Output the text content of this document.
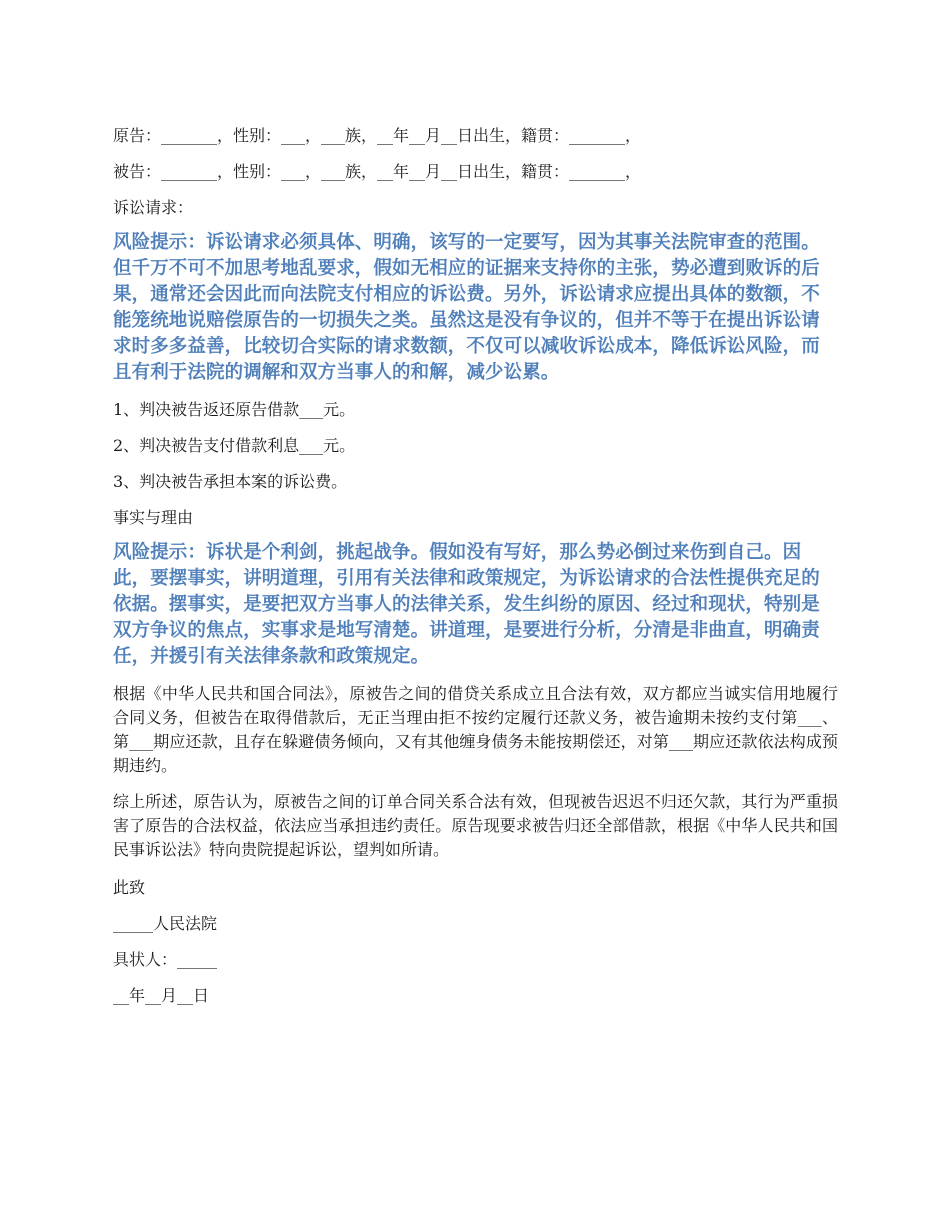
原告：_______，性别：___，___族，__年__月__日出生，籍贯：_______，

被告：_______，性别：___，___族，__年__月__日出生，籍贯：_______，

诉讼请求：

风险提示：诉讼请求必须具体、明确，该写的一定要写，因为其事关法院审查的范围。但千万不可不加思考地乱要求，假如无相应的证据来支持你的主张，势必遭到败诉的后果，通常还会因此而向法院支付相应的诉讼费。另外，诉讼请求应提出具体的数额，不能笼统地说赔偿原告的一切损失之类。虽然这是没有争议的，但并不等于在提出诉讼请求时多多益善，比较切合实际的请求数额，不仅可以减收诉讼成本，降低诉讼风险，而且有利于法院的调解和双方当事人的和解，减少讼累。

1、判决被告返还原告借款___元。

2、判决被告支付借款利息___元。

3、判决被告承担本案的诉讼费。

事实与理由

风险提示：诉状是个利剑，挑起战争。假如没有写好，那么势必倒过来伤到自己。因此，要摆事实，讲明道理，引用有关法律和政策规定，为诉讼请求的合法性提供充足的依据。摆事实，是要把双方当事人的法律关系，发生纠纷的原因、经过和现状，特别是双方争议的焦点，实事求是地写清楚。讲道理，是要进行分析，分清是非曲直，明确责任，并援引有关法律条款和政策规定。

根据《中华人民共和国合同法》，原被告之间的借贷关系成立且合法有效，双方都应当诚实信用地履行合同义务，但被告在取得借款后，无正当理由拒不按约定履行还款义务，被告逾期未按约支付第___、第___期应还款，且存在躲避债务倾向，又有其他缠身债务未能按期偿还，对第___期应还款依法构成预期违约。

综上所述，原告认为，原被告之间的订单合同关系合法有效，但现被告迟迟不归还欠款，其行为严重损害了原告的合法权益，依法应当承担违约责任。原告现要求被告归还全部借款，根据《中华人民共和国民事诉讼法》特向贵院提起诉讼，望判如所请。

此致

_____人民法院

具状人：_____

__年__月__日
